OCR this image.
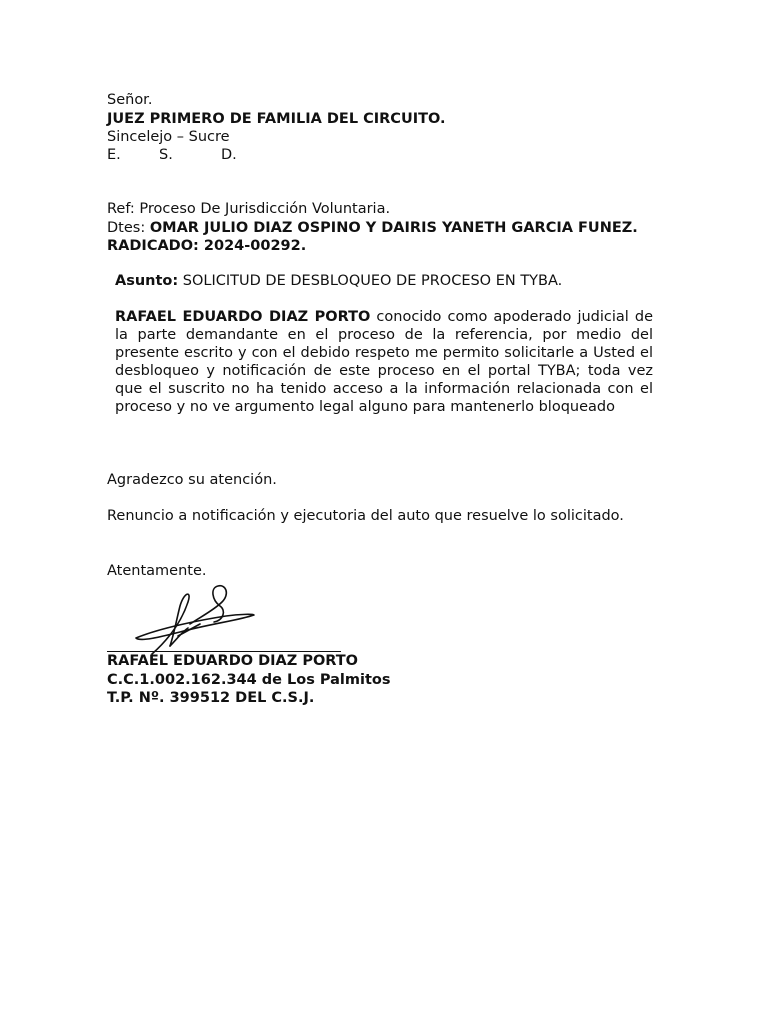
Señor.
JUEZ PRIMERO DE FAMILIA DEL CIRCUITO.
Sincelejo – Sucre
E.	S.	D.
Ref: Proceso De Jurisdicción Voluntaria.
Dtes: OMAR JULIO DIAZ OSPINO Y DAIRIS YANETH GARCIA FUNEZ.
RADICADO: 2024-00292.
Asunto: SOLICITUD DE DESBLOQUEO DE PROCESO EN TYBA.
RAFAEL EDUARDO DIAZ PORTO conocido como apoderado judicial de la parte demandante en el proceso de la referencia, por medio del presente escrito y con el debido respeto me permito solicitarle a Usted el desbloqueo y notificación de este proceso en el portal TYBA; toda vez que el suscrito no ha tenido acceso a la información relacionada con el proceso y no ve argumento legal alguno para mantenerlo bloqueado
Agradezco su atención.
Renuncio a notificación y ejecutoria del auto que resuelve lo solicitado.
Atentamente.
RAFAEL EDUARDO DIAZ PORTO
C.C.1.002.162.344 de Los Palmitos
T.P. Nº. 399512 DEL C.S.J.
